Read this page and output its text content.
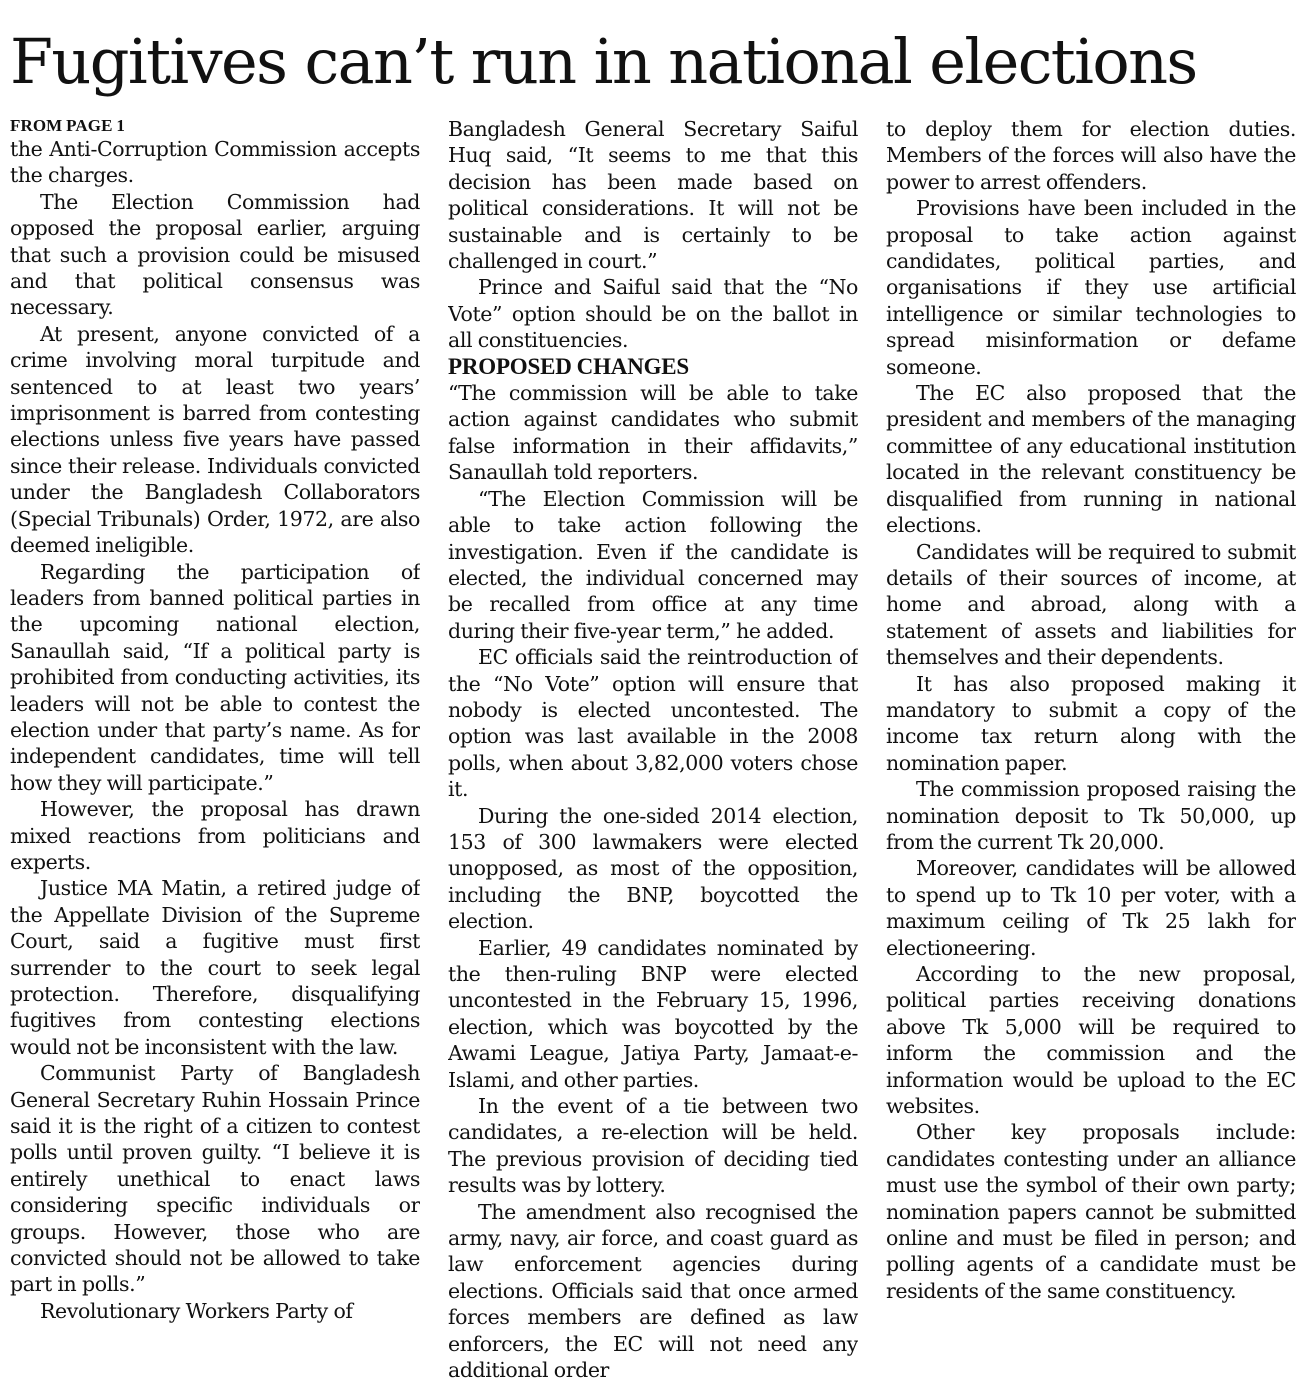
Fugitives can’t run in national elections
FROM PAGE 1

the Anti-Corruption Commission accepts the charges.

The Election Commission had opposed the proposal earlier, arguing that such a provision could be misused and that political consensus was necessary.

At present, anyone convicted of a crime involving moral turpitude and sentenced to at least two years’ imprisonment is barred from contesting elections unless five years have passed since their release. Individuals convicted under the Bangladesh Collaborators (Special Tribunals) Order, 1972, are also deemed ineligible.

Regarding the participation of leaders from banned political parties in the upcoming national election, Sanaullah said, “If a political party is prohibited from conducting activities, its leaders will not be able to contest the election under that party’s name. As for independent candidates, time will tell how they will participate.”

However, the proposal has drawn mixed reactions from politicians and experts.

Justice MA Matin, a retired judge of the Appellate Division of the Supreme Court, said a fugitive must first surrender to the court to seek legal protection. Therefore, disqualifying fugitives from contesting elections would not be inconsistent with the law.

Communist Party of Bangladesh General Secretary Ruhin Hossain Prince said it is the right of a citizen to contest polls until proven guilty. “I believe it is entirely unethical to enact laws considering specific individuals or groups. However, those who are convicted should not be allowed to take part in polls.”

Revolutionary Workers Party of

Bangladesh General Secretary Saiful Huq said, “It seems to me that this decision has been made based on political considerations. It will not be sustainable and is certainly to be challenged in court.”

Prince and Saiful said that the “No Vote” option should be on the ballot in all constituencies.

PROPOSED CHANGES

“The commission will be able to take action against candidates who submit false information in their affidavits,” Sanaullah told reporters.

“The Election Commission will be able to take action following the investigation. Even if the candidate is elected, the individual concerned may be recalled from office at any time during their five-year term,” he added.

EC officials said the reintroduction of the “No Vote” option will ensure that nobody is elected uncontested. The option was last available in the 2008 polls, when about 3,82,000 voters chose it.

During the one-sided 2014 election, 153 of 300 lawmakers were elected unopposed, as most of the opposition, including the BNP, boycotted the election.

Earlier, 49 candidates nominated by the then-ruling BNP were elected uncontested in the February 15, 1996, election, which was boycotted by the Awami League, Jatiya Party, Jamaat-e-Islami, and other parties.

In the event of a tie between two candidates, a re-election will be held. The previous provision of deciding tied results was by lottery.

The amendment also recognised the army, navy, air force, and coast guard as law enforcement agencies during elections. Officials said that once armed forces members are defined as law enforcers, the EC will not need any additional order

to deploy them for election duties. Members of the forces will also have the power to arrest offenders.

Provisions have been included in the proposal to take action against candidates, political parties, and organisations if they use artificial intelligence or similar technologies to spread misinformation or defame someone.

The EC also proposed that the president and members of the managing committee of any educational institution located in the relevant constituency be disqualified from running in national elections.

Candidates will be required to submit details of their sources of income, at home and abroad, along with a statement of assets and liabilities for themselves and their dependents.

It has also proposed making it mandatory to submit a copy of the income tax return along with the nomination paper.

The commission proposed raising the nomination deposit to Tk 50,000, up from the current Tk 20,000.

Moreover, candidates will be allowed to spend up to Tk 10 per voter, with a maximum ceiling of Tk 25 lakh for electioneering.

According to the new proposal, political parties receiving donations above Tk 5,000 will be required to inform the commission and the information would be upload to the EC websites.

Other key proposals include: candidates contesting under an alliance must use the symbol of their own party; nomination papers cannot be submitted online and must be filed in person; and polling agents of a candidate must be residents of the same constituency.
